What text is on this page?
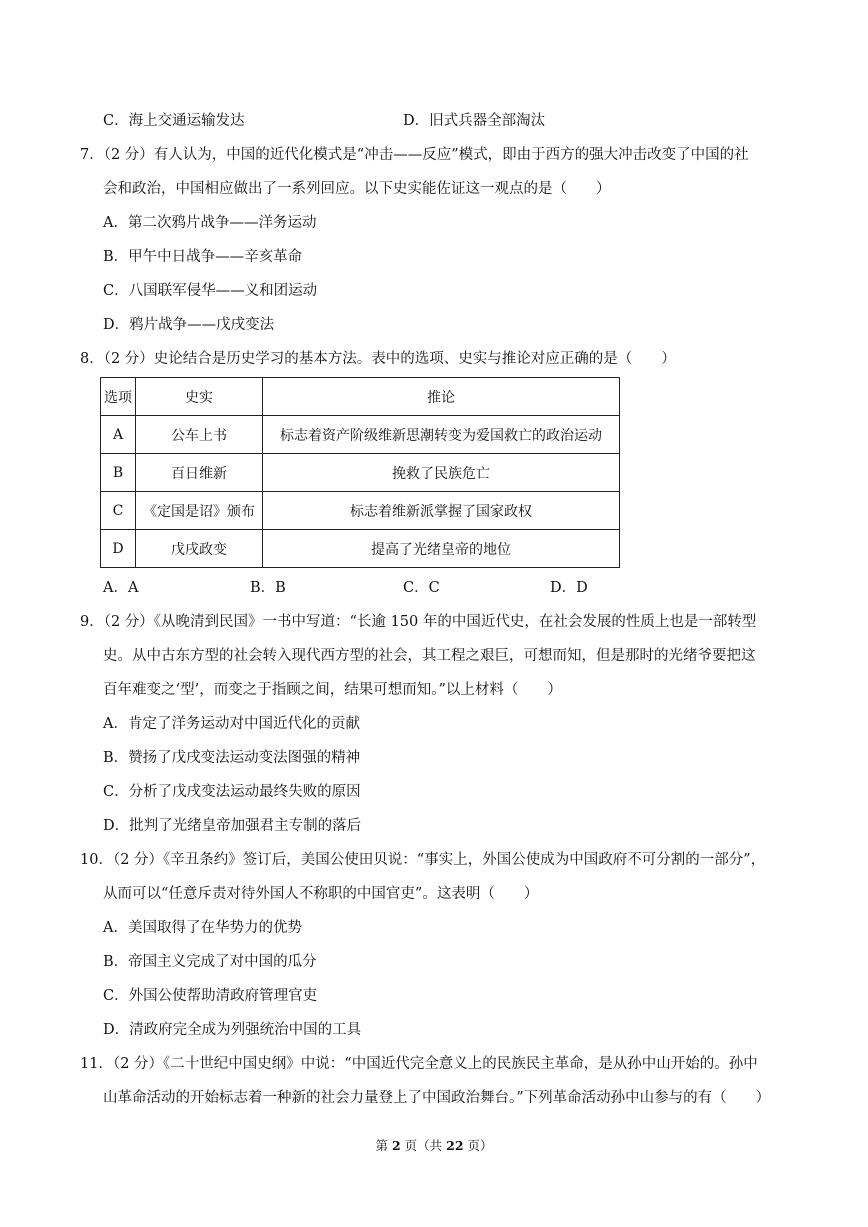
C．海上交通运输发达	D．旧式兵器全部淘汰
7．（2 分）有人认为，中国的近代化模式是“冲击——反应”模式，即由于西方的强大冲击改变了中国的社
会和政治，中国相应做出了一系列回应。以下史实能佐证这一观点的是（　　）
A．第二次鸦片战争——洋务运动
B．甲午中日战争——辛亥革命
C．八国联军侵华——义和团运动
D．鸦片战争——戊戌变法
8．（2 分）史论结合是历史学习的基本方法。表中的选项、史实与推论对应正确的是（　　）
选项	史实	推论
A	公车上书	标志着资产阶级维新思潮转变为爱国救亡的政治运动
B	百日维新	挽救了民族危亡
C	《定国是诏》颁布	标志着维新派掌握了国家政权
D	戊戌政变	提高了光绪皇帝的地位
A．A	B．B	C．C	D．D
9．（2 分）《从晚清到民国》一书中写道：“长逾 150 年的中国近代史，在社会发展的性质上也是一部转型
史。从中古东方型的社会转入现代西方型的社会，其工程之艰巨，可想而知，但是那时的光绪爷要把这
百年难变之‘型’，而变之于指顾之间，结果可想而知。”以上材料（　　）
A．肯定了洋务运动对中国近代化的贡献
B．赞扬了戊戌变法运动变法图强的精神
C．分析了戊戌变法运动最终失败的原因
D．批判了光绪皇帝加强君主专制的落后
10．（2 分）《辛丑条约》签订后，美国公使田贝说：“事实上，外国公使成为中国政府不可分割的一部分”，
从而可以“任意斥责对待外国人不称职的中国官吏”。这表明（　　）
A．美国取得了在华势力的优势
B．帝国主义完成了对中国的瓜分
C．外国公使帮助清政府管理官吏
D．清政府完全成为列强统治中国的工具
11．（2 分）《二十世纪中国史纲》中说：“中国近代完全意义上的民族民主革命，是从孙中山开始的。孙中
山革命活动的开始标志着一种新的社会力量登上了中国政治舞台。”下列革命活动孙中山参与的有（　　）
第 2 页（共 22 页）
